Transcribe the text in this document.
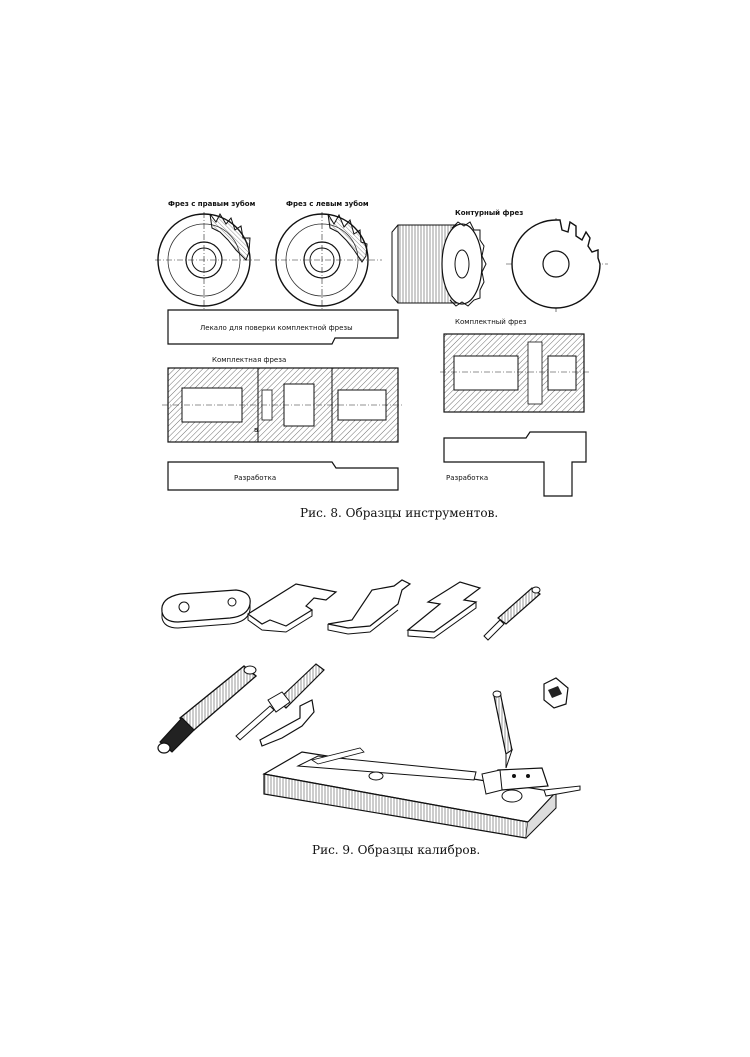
Фрез с правым зубом	Фрез с левым зубом
Контурный фрез
Лекало для поверки комплектной фрезы
Комплектная фреза
в
Разработка
Комплектный фрез
Разработка
Рис. 8. Образцы инструментов.
Рис. 9. Образцы калибров.
